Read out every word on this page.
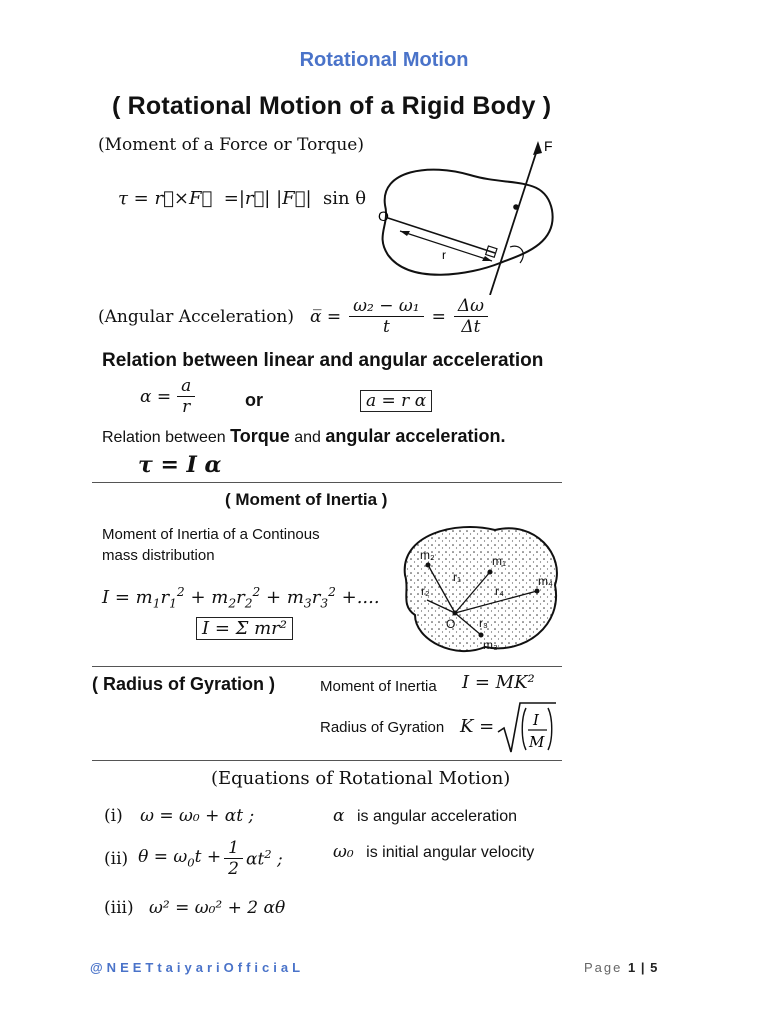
Rotational Motion
( Rotational Motion of a Rigid Body )
(Moment of a Force or Torque)
τ = r⃗×F⃗  =|r⃗| |F⃗|  sin θ
F
O
r
(Angular Acceleration) α̅ = $\frac{\text{ω₂ − ω₁}}{t} = \frac{\Delta\omega}{\Delta t}$
Relation between linear and angular acceleration
$\alpha = \frac{a}{r}$	or	a = r α
Relation between Torque and angular acceleration.
τ = I α
( Moment of Inertia )
Moment of Inertia of a Continous
mass distribution
$I = m_1r_1^2 + m_2r_2^2 + m_3r_3^2$ +....
I = Σ mr²
m₂	m₁
r₁
r₂	r₄
m₄
O r₃
m₃
( Radius of Gyration )	Moment of Inertia I = MK²
Radius of Gyration K =	I
M
(Equations of Rotational Motion)
(i) ω = ω₀ + αt ;
(ii) $\theta = \omega_0t + \frac{1}{2} \alpha t^2$ ;
(iii) ω² = ω₀² + 2 αθ
α is angular acceleration
ω₀ is initial angular velocity
@NEETtaiyariOfficiaL	Page 1 | 5
